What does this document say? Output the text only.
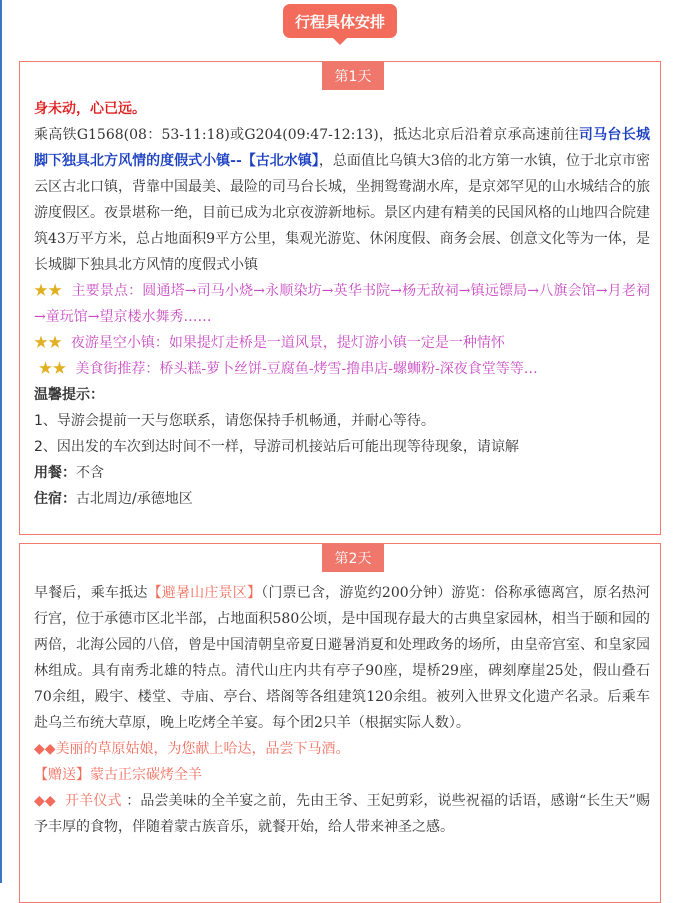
行程具体安排
第1天

身未动，心已远。

乘高铁G1568(08：53-11:18)或G204(09:47-12:13)，抵达北京后沿着京承高速前往司马台长城脚下独具北方风情的度假式小镇--【古北水镇】，总面值比乌镇大3倍的北方第一水镇，位于北京市密云区古北口镇，背靠中国最美、最险的司马台长城，坐拥鸳鸯湖水库，是京郊罕见的山水城结合的旅游度假区。夜景堪称一绝，目前已成为北京夜游新地标。景区内建有精美的民国风格的山地四合院建筑43万平方米，总占地面积9平方公里，集观光游览、休闲度假、商务会展、创意文化等为一体，是长城脚下独具北方风情的度假式小镇

★★ 主要景点：圆通塔→司马小烧→永顺染坊→英华书院→杨无敌祠→镇远镖局→八旗会馆→月老祠→童玩馆→望京楼水舞秀……

★★ 夜游星空小镇：如果提灯走桥是一道风景，提灯游小镇一定是一种情怀

★★ 美食街推荐：桥头糕-萝卜丝饼-豆腐鱼-烤雪-撸串店-螺蛳粉-深夜食堂等等…

温馨提示：

1、导游会提前一天与您联系，请您保持手机畅通，并耐心等待。

2、因出发的车次到达时间不一样，导游司机接站后可能出现等待现象，请谅解

用餐：不含

住宿：古北周边/承德地区

第2天

早餐后，乘车抵达【避暑山庄景区】（门票已含，游览约200分钟）游览：俗称承德离宫，原名热河行宫，位于承德市区北半部，占地面积580公顷，是中国现存最大的古典皇家园林，相当于颐和园的两倍，北海公园的八倍，曾是中国清朝皇帝夏日避暑消夏和处理政务的场所，由皇帝宫室、和皇家园林组成。具有南秀北雄的特点。清代山庄内共有亭子90座，堤桥29座，碑刻摩崖25处，假山叠石70余组，殿宇、楼堂、寺庙、亭台、塔阁等各组建筑120余组。被列入世界文化遗产名录。后乘车赴乌兰布统大草原，晚上吃烤全羊宴。每个团2只羊（根据实际人数）。

◆◆美丽的草原姑娘，为您献上哈达，品尝下马酒。

【赠送】蒙古正宗碳烤全羊

◆◆ 开羊仪式 ：品尝美味的全羊宴之前，先由王爷、王妃剪彩，说些祝福的话语，感谢“长生天”赐予丰厚的食物，伴随着蒙古族音乐，就餐开始，给人带来神圣之感。
